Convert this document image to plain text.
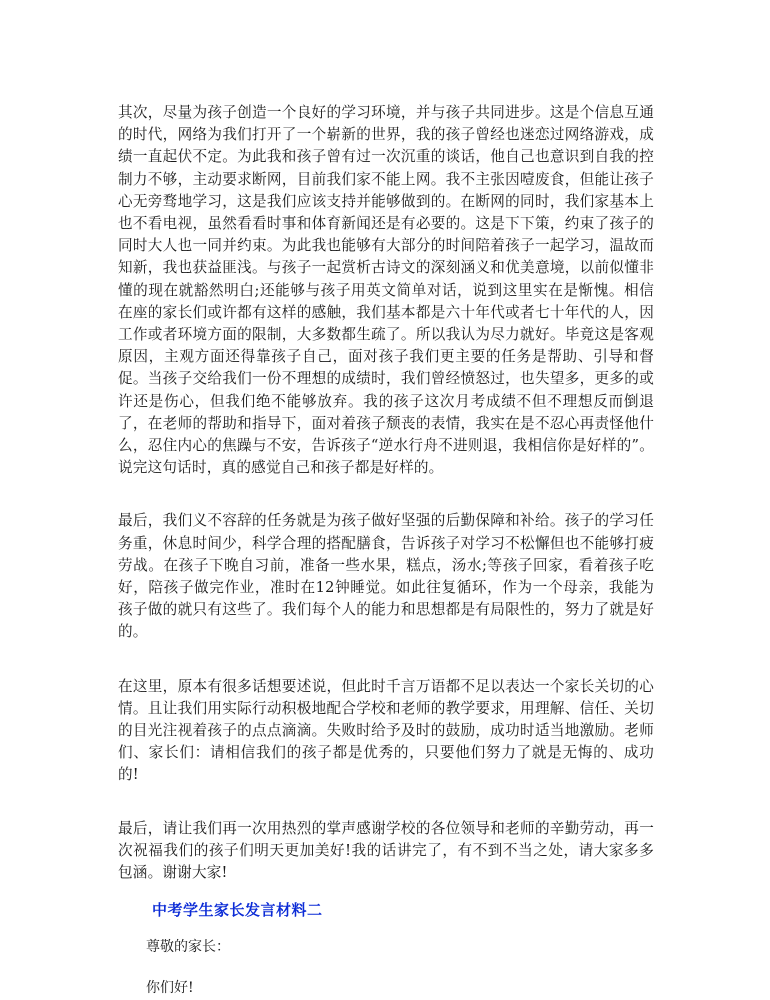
其次，尽量为孩子创造一个良好的学习环境，并与孩子共同进步。这是个信息互通的时代，网络为我们打开了一个崭新的世界，我的孩子曾经也迷恋过网络游戏，成绩一直起伏不定。为此我和孩子曾有过一次沉重的谈话，他自己也意识到自我的控制力不够，主动要求断网，目前我们家不能上网。我不主张因噎废食，但能让孩子心无旁骛地学习，这是我们应该支持并能够做到的。在断网的同时，我们家基本上也不看电视，虽然看看时事和体育新闻还是有必要的。这是下下策，约束了孩子的同时大人也一同并约束。为此我也能够有大部分的时间陪着孩子一起学习，温故而知新，我也获益匪浅。与孩子一起赏析古诗文的深刻涵义和优美意境，以前似懂非懂的现在就豁然明白;还能够与孩子用英文简单对话，说到这里实在是惭愧。相信在座的家长们或许都有这样的感触，我们基本都是六十年代或者七十年代的人，因工作或者环境方面的限制，大多数都生疏了。所以我认为尽力就好。毕竟这是客观原因，主观方面还得靠孩子自己，面对孩子我们更主要的任务是帮助、引导和督促。当孩子交给我们一份不理想的成绩时，我们曾经愤怒过，也失望多，更多的或许还是伤心，但我们绝不能够放弃。我的孩子这次月考成绩不但不理想反而倒退了，在老师的帮助和指导下，面对着孩子颓丧的表情，我实在是不忍心再责怪他什么，忍住内心的焦躁与不安，告诉孩子“逆水行舟不进则退，我相信你是好样的”。说完这句话时，真的感觉自己和孩子都是好样的。

最后，我们义不容辞的任务就是为孩子做好坚强的后勤保障和补给。孩子的学习任务重，休息时间少，科学合理的搭配膳食，告诉孩子对学习不松懈但也不能够打疲劳战。在孩子下晚自习前，准备一些水果，糕点，汤水;等孩子回家，看着孩子吃好，陪孩子做完作业，准时在12钟睡觉。如此往复循环，作为一个母亲，我能为孩子做的就只有这些了。我们每个人的能力和思想都是有局限性的，努力了就是好的。

在这里，原本有很多话想要述说，但此时千言万语都不足以表达一个家长关切的心情。且让我们用实际行动积极地配合学校和老师的教学要求，用理解、信任、关切的目光注视着孩子的点点滴滴。失败时给予及时的鼓励，成功时适当地激励。老师们、家长们：请相信我们的孩子都是优秀的，只要他们努力了就是无悔的、成功的!

最后，请让我们再一次用热烈的掌声感谢学校的各位领导和老师的辛勤劳动，再一次祝福我们的孩子们明天更加美好!我的话讲完了，有不到不当之处，请大家多多包涵。谢谢大家!

中考学生家长发言材料二

尊敬的家长：

你们好!
